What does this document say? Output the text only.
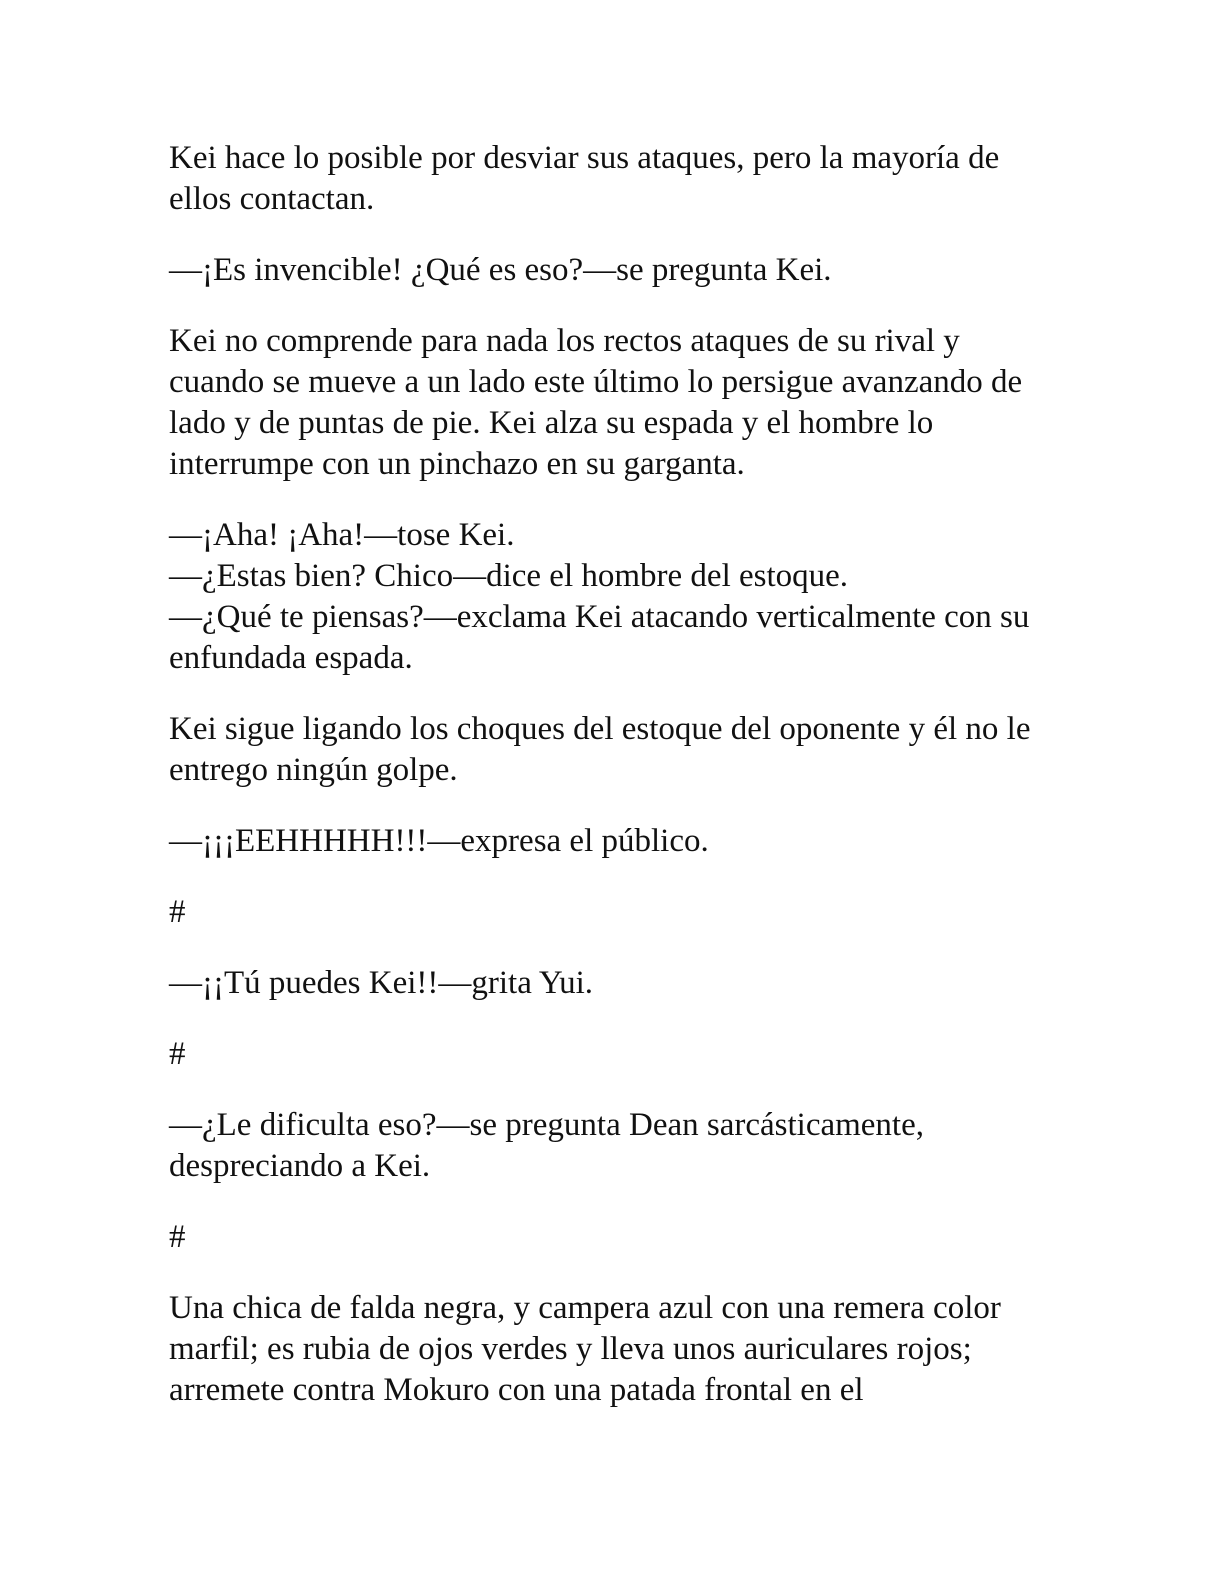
Kei hace lo posible por desviar sus ataques, pero la mayoría de ellos contactan.

—¡Es invencible! ¿Qué es eso?—se pregunta Kei.

Kei no comprende para nada los rectos ataques de su rival y cuando se mueve a un lado este último lo persigue avanzando de lado y de puntas de pie. Kei alza su espada y el hombre lo interrumpe con un pinchazo en su garganta.

—¡Aha! ¡Aha!—tose Kei.

—¿Estas bien? Chico—dice el hombre del estoque.

—¿Qué te piensas?—exclama Kei atacando verticalmente con su enfundada espada.

Kei sigue ligando los choques del estoque del oponente y él no le entrego ningún golpe.

—¡¡¡EEHHHHH!!!—expresa el público.

#

—¡¡Tú puedes Kei!!—grita Yui.

#

—¿Le dificulta eso?—se pregunta Dean sarcásticamente, despreciando a Kei.

#

Una chica de falda negra, y campera azul con una remera color marfil; es rubia de ojos verdes y lleva unos auriculares rojos; arremete contra Mokuro con una patada frontal en el
